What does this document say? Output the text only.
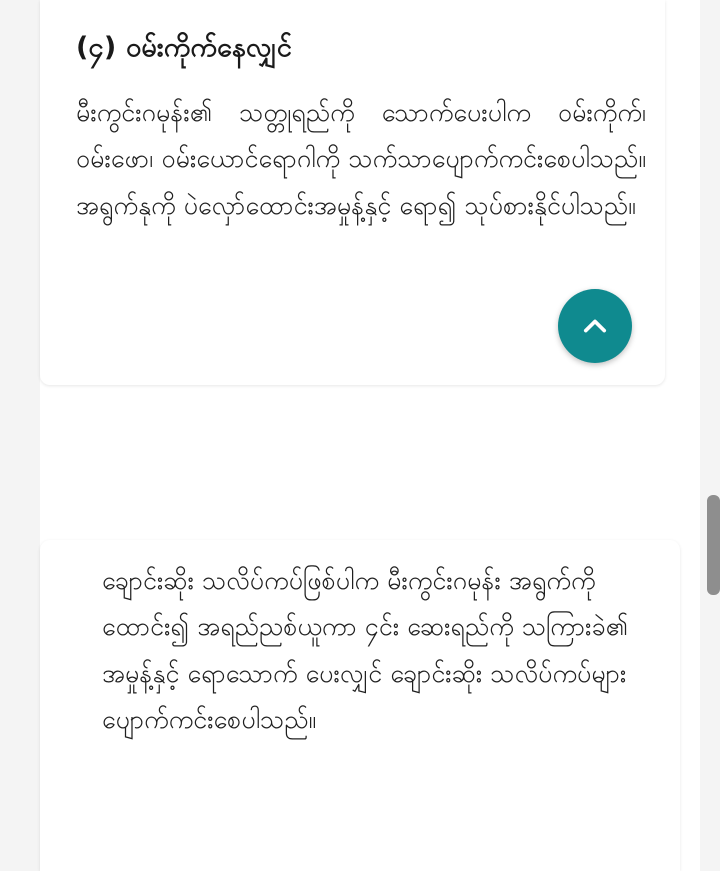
(၄) ဝမ်းကိုက်နေလျှင်
မီးကွင်းဂမုန်း၏ သတ္တုရည်ကို သောက်ပေးပါက ဝမ်းကိုက်၊ ဝမ်းဖော၊ ဝမ်းယောင်ရောဂါကို သက်သာပျောက်ကင်းစေပါသည်။ အရွက်နုကို ပဲလှော်ထောင်းအမှုန့်နှင့် ရော၍ သုပ်စားနိုင်ပါသည်။
ချောင်းဆိုး သလိပ်ကပ်ဖြစ်ပါက မီးကွင်းဂမုန်း အရွက်ကိုထောင်း၍ အရည်ညစ်ယူကာ ၄င်း ဆေးရည်ကို သကြားခဲ၏ အမှုန့်နှင့် ရောသောက် ပေးလျှင် ချောင်းဆိုး သလိပ်ကပ်များ ပျောက်ကင်းစေပါသည်။
